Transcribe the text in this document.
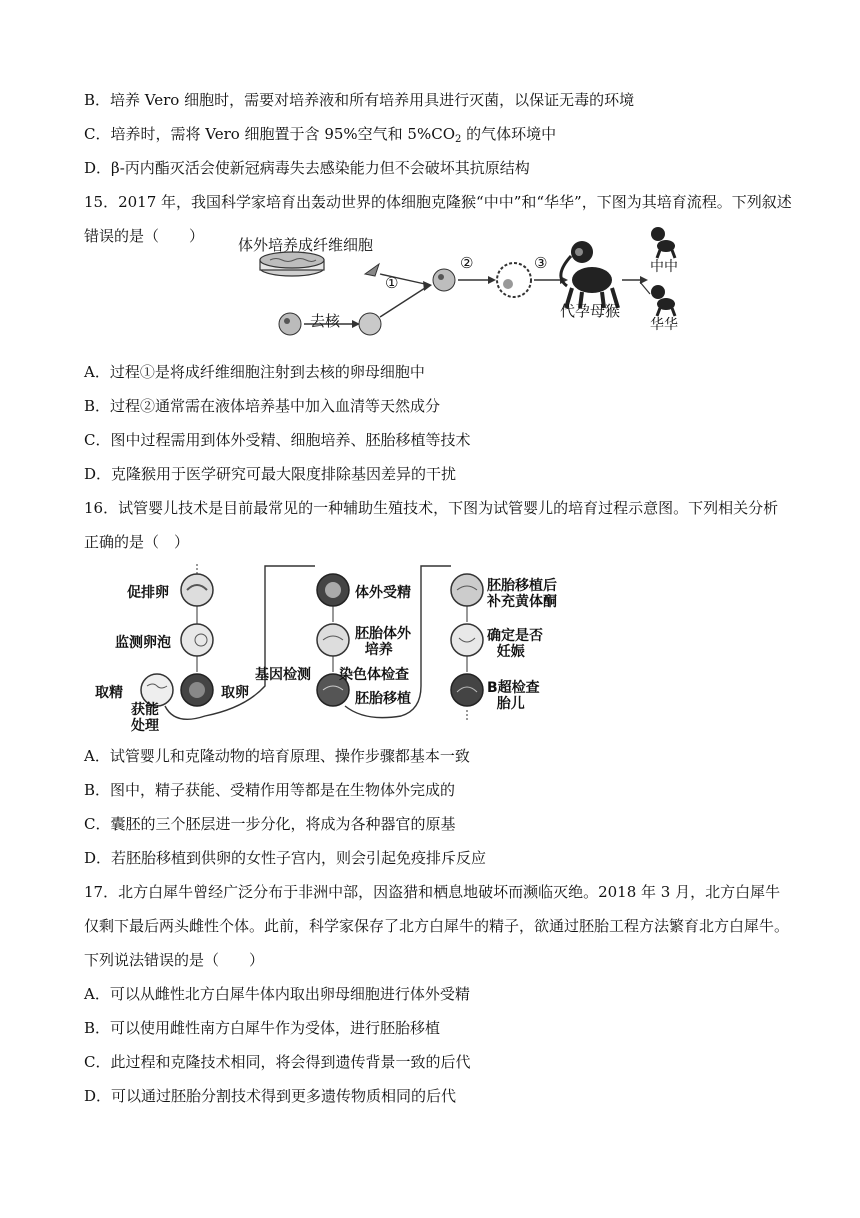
B．培养 Vero 细胞时，需要对培养液和所有培养用具进行灭菌，以保证无毒的环境
C．培养时，需将 Vero 细胞置于含 95%空气和 $5\%CO_2$ 的气体环境中
D．β-丙内酯灭活会使新冠病毒失去感染能力但不会破坏其抗原结构
15．2017 年，我国科学家培育出轰动世界的体细胞克隆猴“中中”和“华华”，下图为其培育流程。下列叙述
错误的是（　　） 体外培养成纤维细胞
去核
①
②	③
代孕母猴
中中
华华
A．过程①是将成纤维细胞注射到去核的卵母细胞中
B．过程②通常需在液体培养基中加入血清等天然成分
C．图中过程需用到体外受精、细胞培养、胚胎移植等技术
D．克隆猴用于医学研究可最大限度排除基因差异的干扰
16．试管婴儿技术是目前最常见的一种辅助生殖技术，下图为试管婴儿的培育过程示意图。下列相关分析
正确的是（　）
促排卵
监测卵泡
取精
获能
处理
取卵
体外受精
胚胎体外
培养
基因检测 染色体检查
胚胎移植
胚胎移植后
补充黄体酮
确定是否
妊娠
B超检查
胎儿
A．试管婴儿和克隆动物的培育原理、操作步骤都基本一致
B．图中，精子获能、受精作用等都是在生物体外完成的
C．囊胚的三个胚层进一步分化，将成为各种器官的原基
D．若胚胎移植到供卵的女性子宫内，则会引起免疫排斥反应
17．北方白犀牛曾经广泛分布于非洲中部，因盗猎和栖息地破坏而濒临灭绝。2018 年 3 月，北方白犀牛
仅剩下最后两头雌性个体。此前，科学家保存了北方白犀牛的精子，欲通过胚胎工程方法繁育北方白犀牛。
下列说法错误的是（　　）
A．可以从雌性北方白犀牛体内取出卵母细胞进行体外受精
B．可以使用雌性南方白犀牛作为受体，进行胚胎移植
C．此过程和克隆技术相同，将会得到遗传背景一致的后代
D．可以通过胚胎分割技术得到更多遗传物质相同的后代
